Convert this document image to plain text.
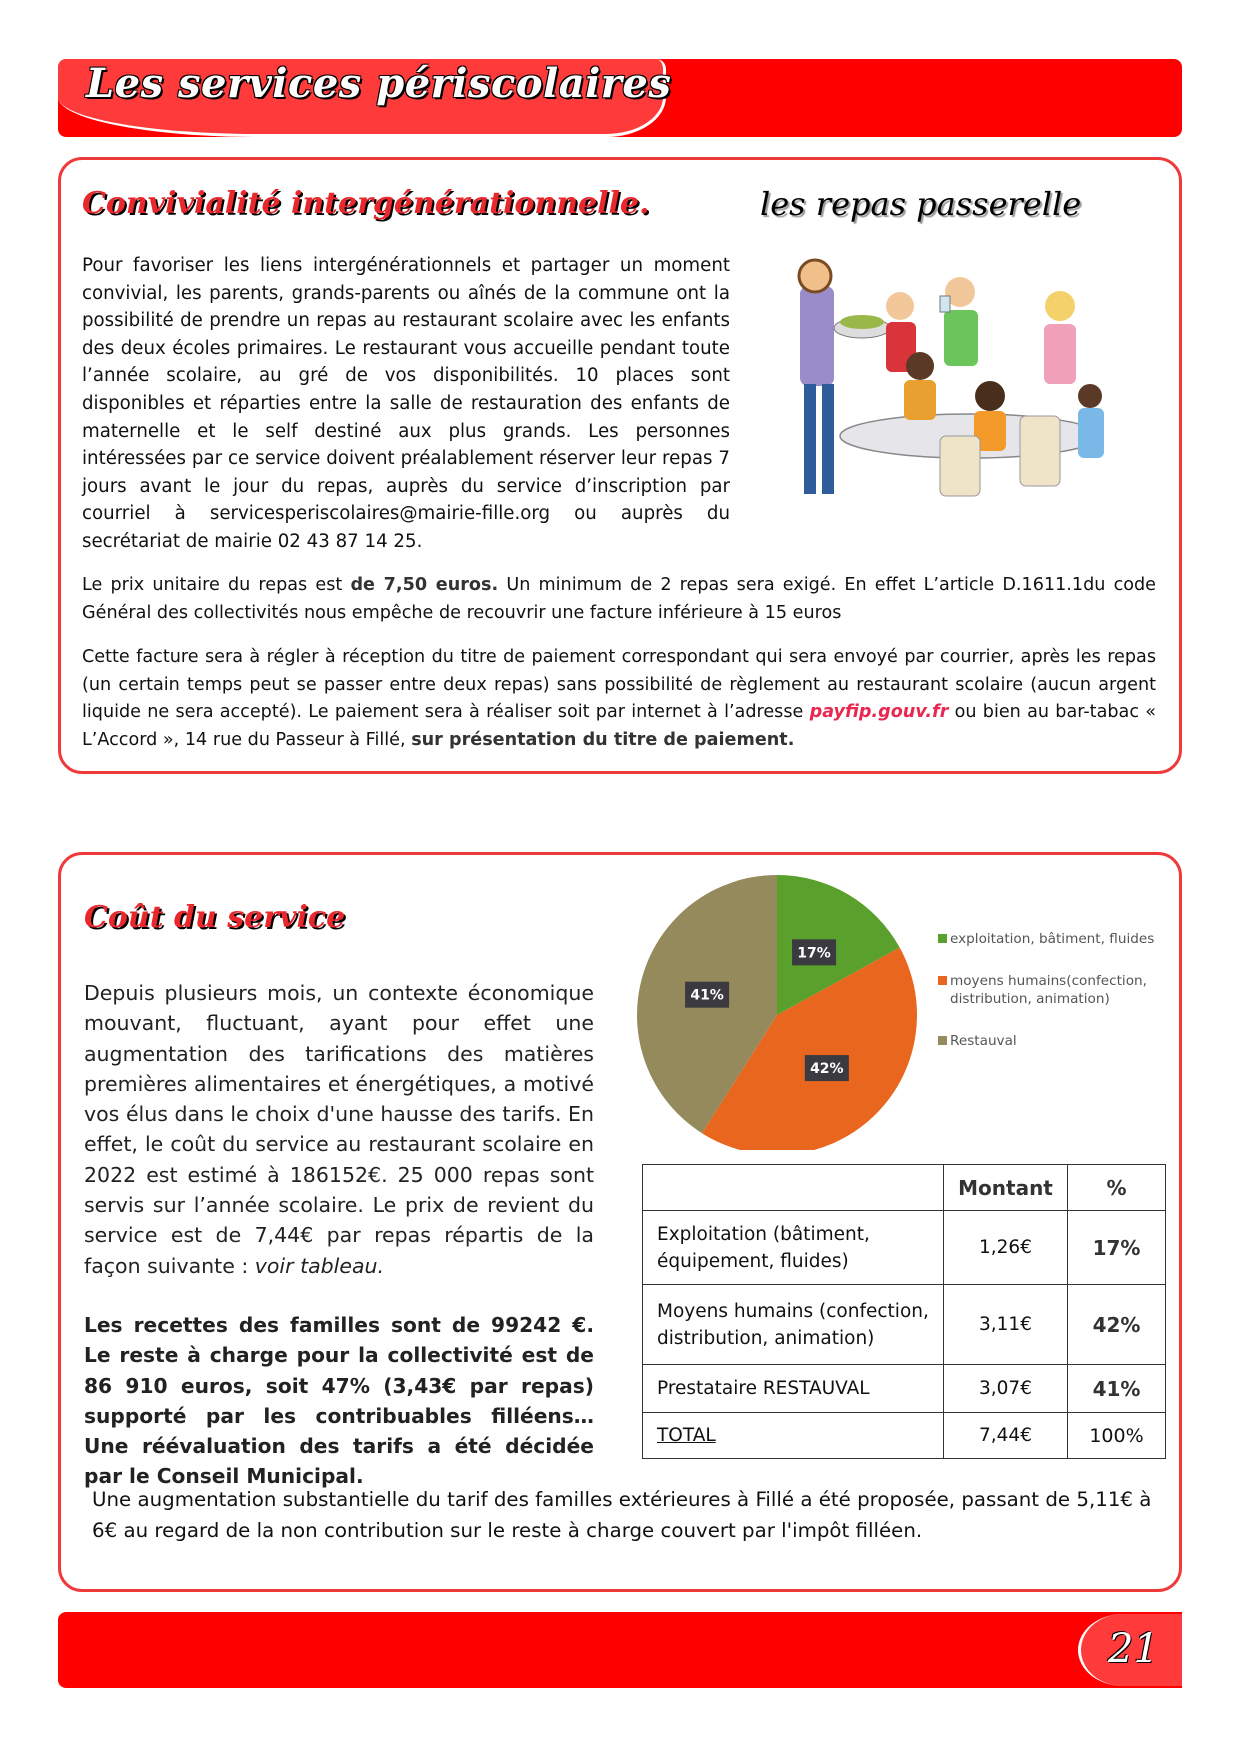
Les services périscolaires
Convivialité intergénérationnelle.	les repas passerelle
Pour favoriser les liens intergénérationnels et partager un moment convivial, les parents, grands-parents ou aînés de la commune ont la possibilité de prendre un repas au restaurant scolaire avec les enfants des deux écoles primaires. Le restaurant vous accueille pendant toute l’année scolaire, au gré de vos disponibilités. 10 places sont disponibles et réparties entre la salle de restauration des enfants de maternelle et le self destiné aux plus grands. Les personnes intéressées par ce service doivent préalablement réserver leur repas 7 jours avant le jour du repas, auprès du service d’inscription par courriel à servicesperiscolaires@mairie-fille.org ou auprès du secrétariat de mairie 02 43 87 14 25.
Le prix unitaire du repas est de 7,50 euros. Un minimum de 2 repas sera exigé. En effet L’article D.1611.1du code Général des collectivités nous empêche de recouvrir une facture inférieure à 15 euros
Cette facture sera à régler à réception du titre de paiement correspondant qui sera envoyé par courrier, après les repas (un certain temps peut se passer entre deux repas) sans possibilité de règlement au restaurant scolaire (aucun argent liquide ne sera accepté). Le paiement sera à réaliser soit par internet à l’adresse payfip.gouv.fr ou bien au bar-tabac « L’Accord », 14 rue du Passeur à Fillé, sur présentation du titre de paiement.
Coût du service
Depuis plusieurs mois, un contexte économique mouvant, fluctuant, ayant pour effet une augmentation des tarifications des matières premières alimentaires et énergétiques, a motivé vos élus dans le choix d'une hausse des tarifs. En effet, le coût du service au restaurant scolaire en 2022 est estimé à 186152€. 25 000 repas sont servis sur l’année scolaire. Le prix de revient du service est de 7,44€ par repas répartis de la façon suivante : voir tableau.
Les recettes des familles sont de 99242 €. Le reste à charge pour la collectivité est de 86 910 euros, soit 47% (3,43€ par repas) supporté par les contribuables filléens… Une réévaluation des tarifs a été décidée par le Conseil Municipal.
17%
42%
41%
exploitation, bâtiment, fluides
moyens humains(confection, distribution, animation)
Restauval
	Montant	%
Exploitation (bâtiment, équipement, fluides)	1,26€	17%
Moyens humains (confection, distribution, animation)	3,11€	42%
Prestataire RESTAUVAL	3,07€	41%
TOTAL	7,44€	100%
Une augmentation substantielle du tarif des familles extérieures à Fillé a été proposée, passant de 5,11€ à 6€ au regard de la non contribution sur le reste à charge couvert par l'impôt filléen.
21
